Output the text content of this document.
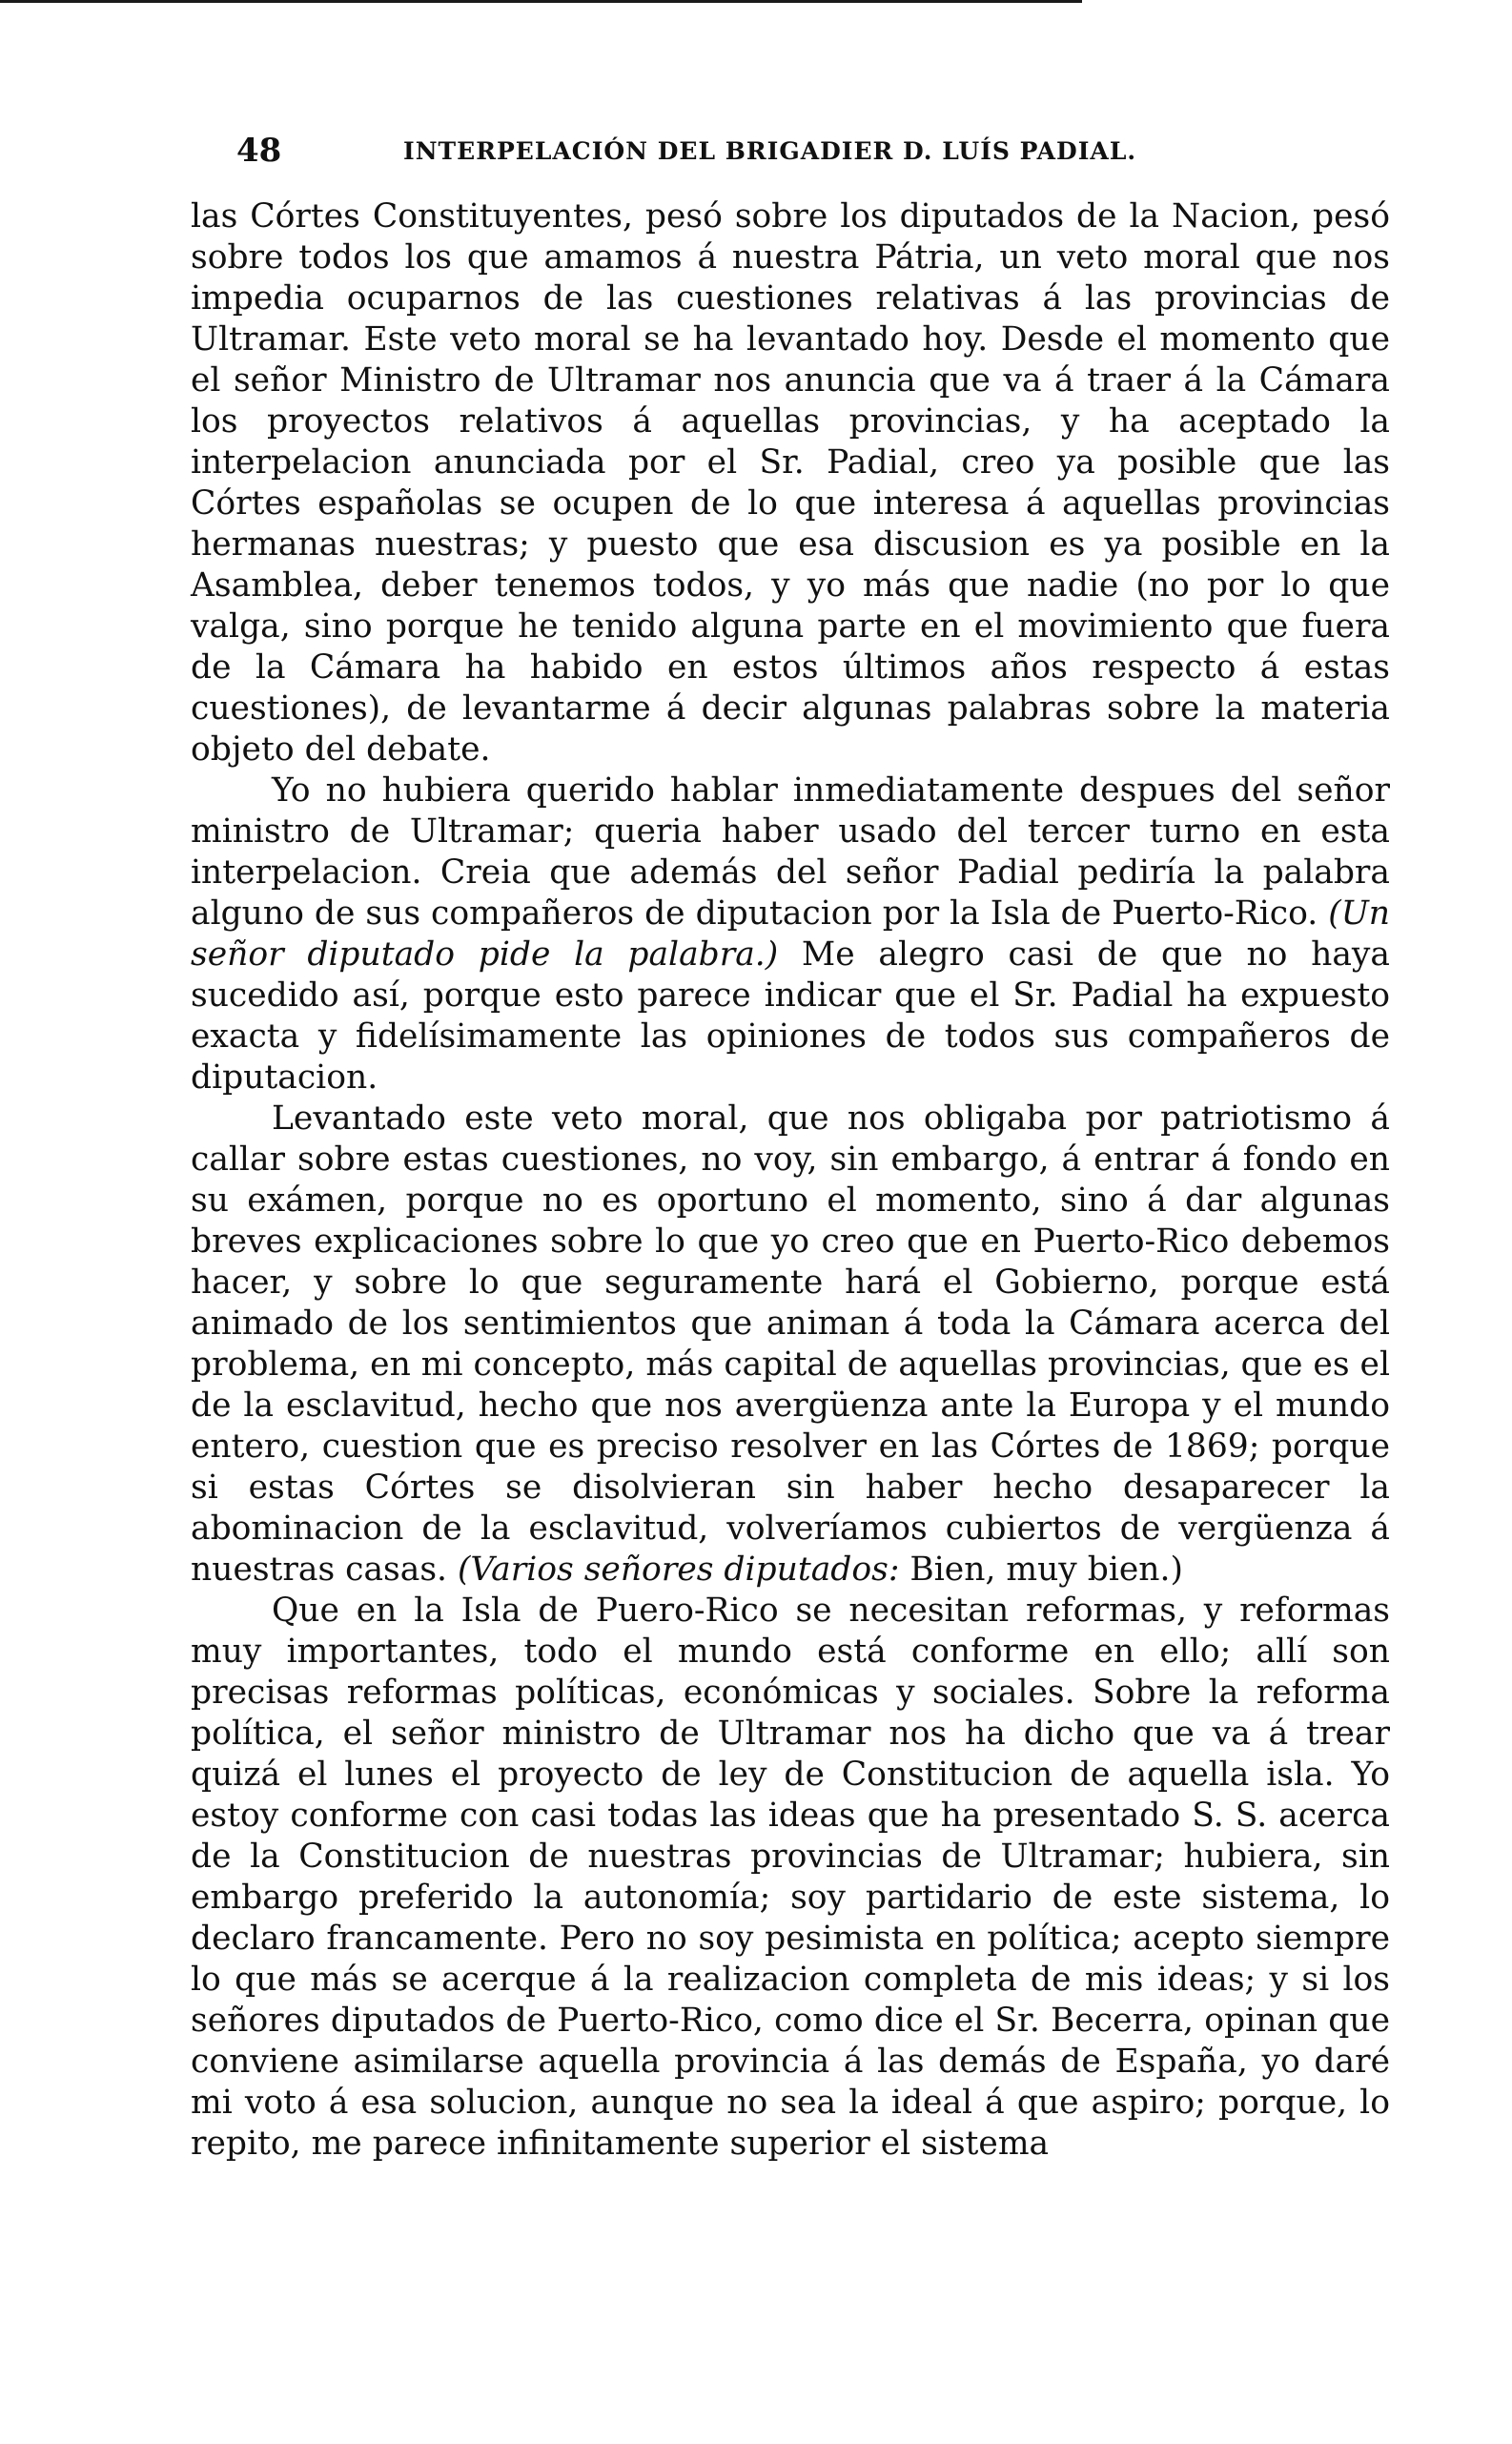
48	INTERPELACIÓN DEL BRIGADIER D. LUÍS PADIAL.

las Córtes Constituyentes, pesó sobre los diputados de la Nacion, pesó sobre todos los que amamos á nuestra Pátria, un veto moral que nos impedia ocuparnos de las cuestiones relativas á las provincias de Ultramar. Este veto moral se ha levantado hoy. Desde el momento que el señor Ministro de Ultramar nos anuncia que va á traer á la Cámara los proyectos relativos á aquellas provincias, y ha aceptado la interpelacion anunciada por el Sr. Padial, creo ya posible que las Córtes españolas se ocupen de lo que interesa á aquellas provincias hermanas nuestras; y puesto que esa discusion es ya posible en la Asamblea, deber tenemos todos, y yo más que nadie (no por lo que valga, sino porque he tenido alguna parte en el movimiento que fuera de la Cámara ha habido en estos últimos años respecto á estas cuestiones), de levantarme á decir algunas palabras sobre la materia objeto del debate.

Yo no hubiera querido hablar inmediatamente despues del señor ministro de Ultramar; queria haber usado del tercer turno en esta interpelacion. Creia que además del señor Padial pediría la palabra alguno de sus compañeros de diputacion por la Isla de Puerto-Rico. (Un señor diputado pide la palabra.) Me alegro casi de que no haya sucedido así, porque esto parece indicar que el Sr. Padial ha expuesto exacta y fidelísimamente las opiniones de todos sus compañeros de diputacion.

Levantado este veto moral, que nos obligaba por patriotismo á callar sobre estas cuestiones, no voy, sin embargo, á entrar á fondo en su exámen, porque no es oportuno el momento, sino á dar algunas breves explicaciones sobre lo que yo creo que en Puerto-Rico debemos hacer, y sobre lo que seguramente hará el Gobierno, porque está animado de los sentimientos que animan á toda la Cámara acerca del problema, en mi concepto, más capital de aquellas provincias, que es el de la esclavitud, hecho que nos avergüenza ante la Europa y el mundo entero, cuestion que es preciso resolver en las Córtes de 1869; porque si estas Córtes se disolvieran sin haber hecho desaparecer la abominacion de la esclavitud, volveríamos cubiertos de vergüenza á nuestras casas. (Varios señores diputados: Bien, muy bien.)

Que en la Isla de Puero-Rico se necesitan reformas, y reformas muy importantes, todo el mundo está conforme en ello; allí son precisas reformas políticas, económicas y sociales. Sobre la reforma política, el señor ministro de Ultramar nos ha dicho que va á trear quizá el lunes el proyecto de ley de Constitucion de aquella isla. Yo estoy conforme con casi todas las ideas que ha presentado S. S. acerca de la Constitucion de nuestras provincias de Ultramar; hubiera, sin embargo preferido la autonomía; soy partidario de este sistema, lo declaro francamente. Pero no soy pesimista en política; acepto siempre lo que más se acerque á la realizacion completa de mis ideas; y si los señores diputados de Puerto-Rico, como dice el Sr. Becerra, opinan que conviene asimilarse aquella provincia á las demás de España, yo daré mi voto á esa solucion, aunque no sea la ideal á que aspiro; porque, lo repito, me parece infinitamente superior el sistema
